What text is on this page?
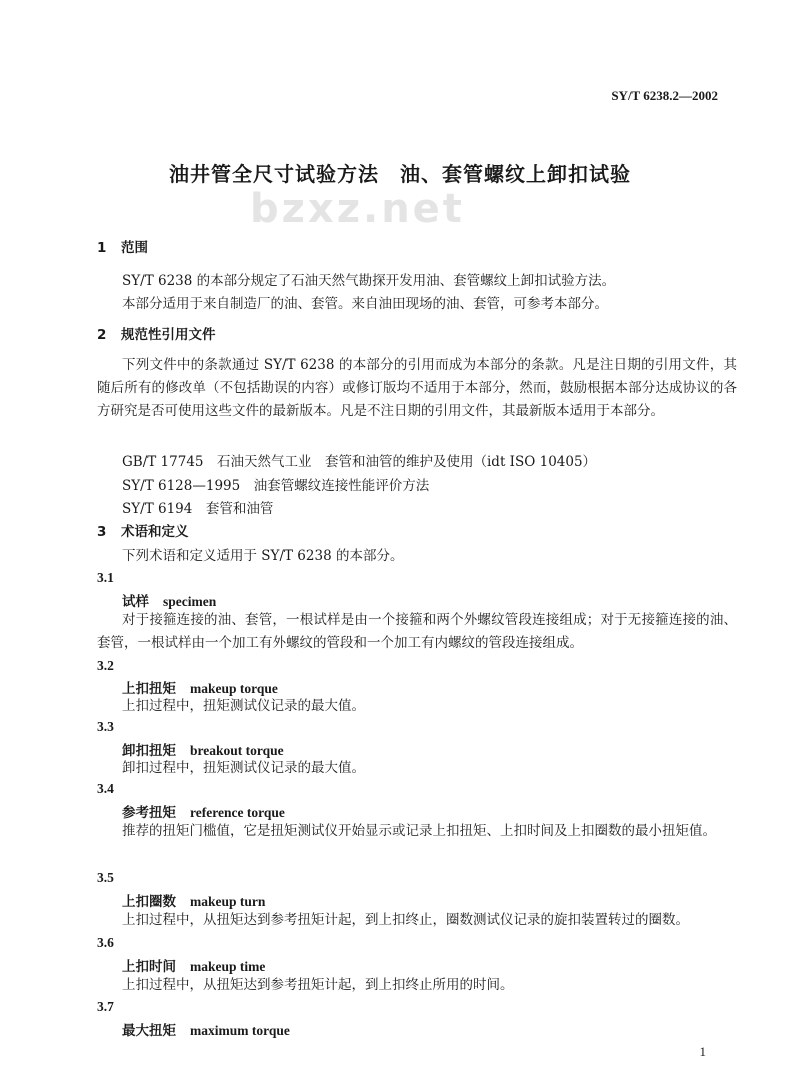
bzxz.net
SY/T 6238.2—2002
油井管全尺寸试验方法　油、套管螺纹上卸扣试验
1 范围
SY/T 6238 的本部分规定了石油天然气勘探开发用油、套管螺纹上卸扣试验方法。
本部分适用于来自制造厂的油、套管。来自油田现场的油、套管，可参考本部分。
2 规范性引用文件
下列文件中的条款通过 SY/T 6238 的本部分的引用而成为本部分的条款。凡是注日期的引用文件，其随后所有的修改单（不包括勘误的内容）或修订版均不适用于本部分，然而，鼓励根据本部分达成协议的各方研究是否可使用这些文件的最新版本。凡是不注日期的引用文件，其最新版本适用于本部分。
GB/T 17745　石油天然气工业　套管和油管的维护及使用（idt ISO 10405）
SY/T 6128—1995　油套管螺纹连接性能评价方法
SY/T 6194　套管和油管
3 术语和定义
下列术语和定义适用于 SY/T 6238 的本部分。
3.1
试样 specimen
对于接箍连接的油、套管，一根试样是由一个接箍和两个外螺纹管段连接组成；对于无接箍连接的油、套管，一根试样由一个加工有外螺纹的管段和一个加工有内螺纹的管段连接组成。
3.2
上扣扭矩 makeup torque
上扣过程中，扭矩测试仪记录的最大值。
3.3
卸扣扭矩 breakout torque
卸扣过程中，扭矩测试仪记录的最大值。
3.4
参考扭矩 reference torque
推荐的扭矩门槛值，它是扭矩测试仪开始显示或记录上扣扭矩、上扣时间及上扣圈数的最小扭矩值。
3.5
上扣圈数 makeup turn
上扣过程中，从扭矩达到参考扭矩计起，到上扣终止，圈数测试仪记录的旋扣装置转过的圈数。
3.6
上扣时间 makeup time
上扣过程中，从扭矩达到参考扭矩计起，到上扣终止所用的时间。
3.7
最大扭矩 maximum torque
1
